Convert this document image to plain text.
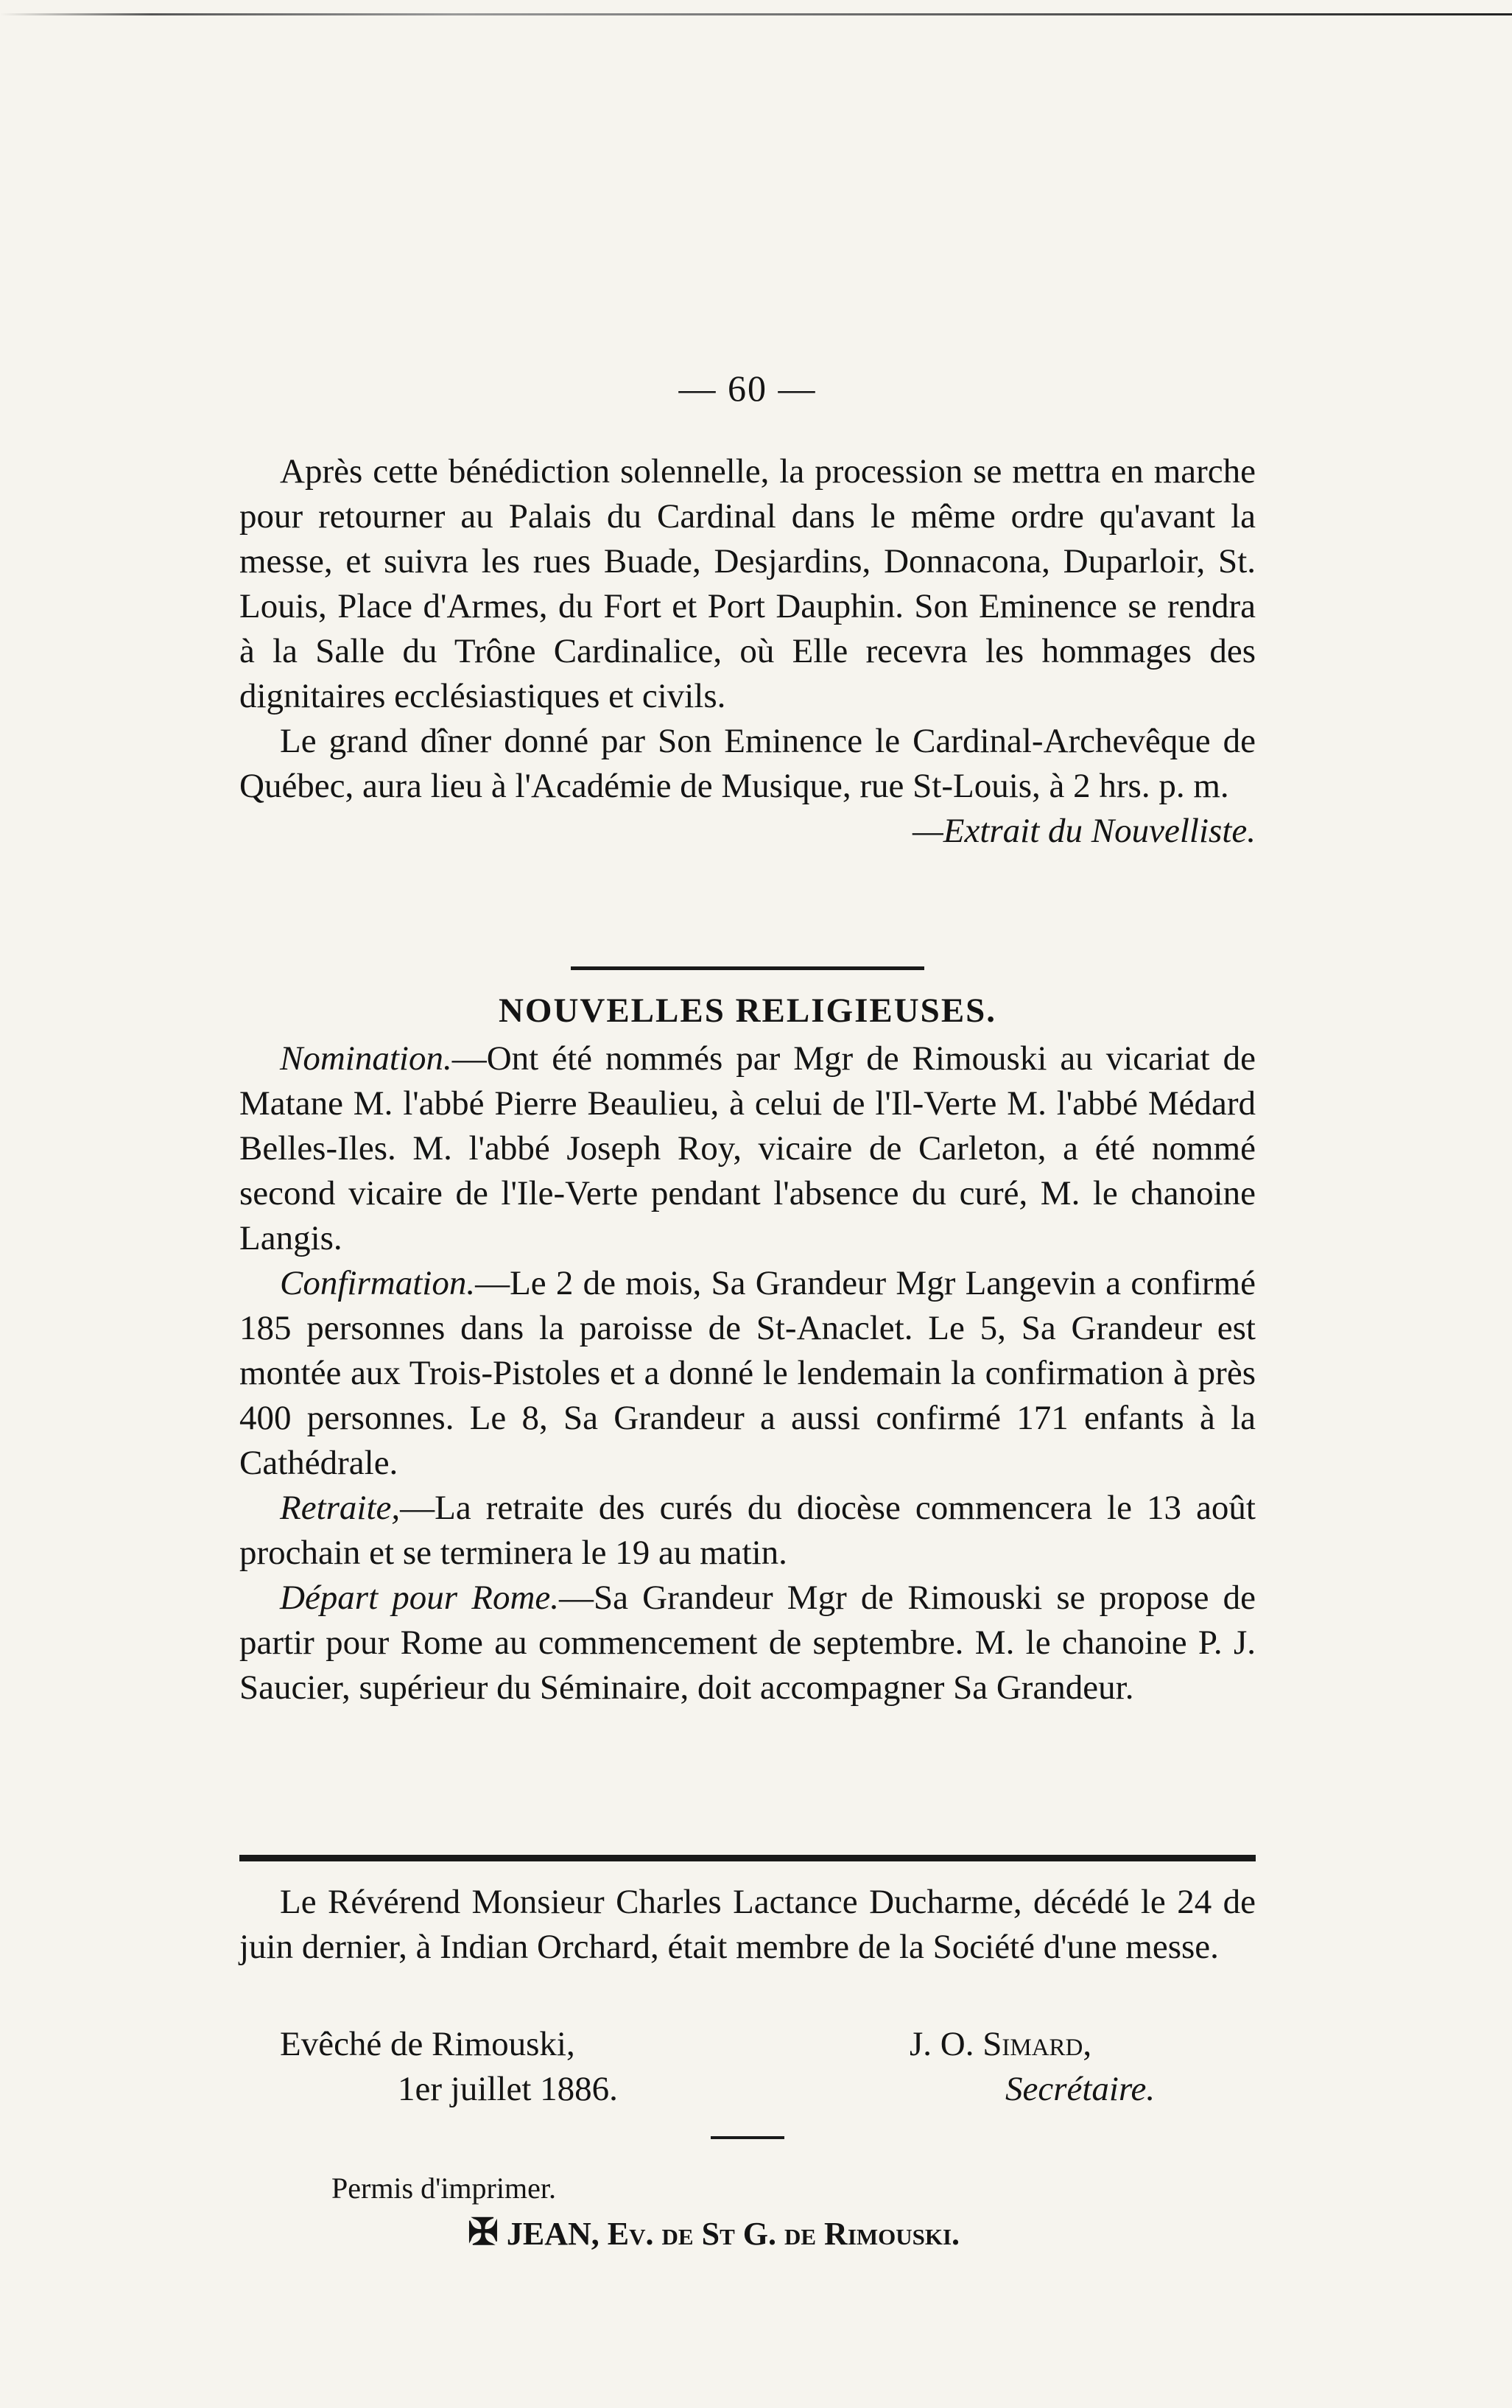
— 60 —

Après cette bénédiction solennelle, la procession se mettra en marche pour retourner au Palais du Cardinal dans le même ordre qu'avant la messe, et suivra les rues Buade, Desjardins, Donnacona, Duparloir, St. Louis, Place d'Armes, du Fort et Port Dauphin. Son Eminence se rendra à la Salle du Trône Cardinalice, où Elle recevra les hommages des dignitaires ecclésiastiques et civils.

Le grand dîner donné par Son Eminence le Cardinal-Archevêque de Québec, aura lieu à l'Académie de Musique, rue St-Louis, à 2 hrs. p. m.

—Extrait du Nouvelliste.
NOUVELLES RELIGIEUSES.

Nomination.—Ont été nommés par Mgr de Rimouski au vicariat de Matane M. l'abbé Pierre Beaulieu, à celui de l'Il-Verte M. l'abbé Médard Belles-Iles. M. l'abbé Joseph Roy, vicaire de Carleton, a été nommé second vicaire de l'Ile-Verte pendant l'absence du curé, M. le chanoine Langis.

Confirmation.—Le 2 de mois, Sa Grandeur Mgr Langevin a confirmé 185 personnes dans la paroisse de St-Anaclet. Le 5, Sa Grandeur est montée aux Trois-Pistoles et a donné le lendemain la confirmation à près 400 personnes. Le 8, Sa Grandeur a aussi confirmé 171 enfants à la Cathédrale.

Retraite,—La retraite des curés du diocèse commencera le 13 août prochain et se terminera le 19 au matin.

Départ pour Rome.—Sa Grandeur Mgr de Rimouski se propose de partir pour Rome au commencement de septembre. M. le chanoine P. J. Saucier, supérieur du Séminaire, doit accompagner Sa Grandeur.

Le Révérend Monsieur Charles Lactance Ducharme, décédé le 24 de juin dernier, à Indian Orchard, était membre de la Société d'une messe.

Evêché de Rimouski,	J. O. Simard,
1er juillet 1886.	Secrétaire.
Permis d'imprimer.
✠ JEAN, Ev. de St G. de Rimouski.
